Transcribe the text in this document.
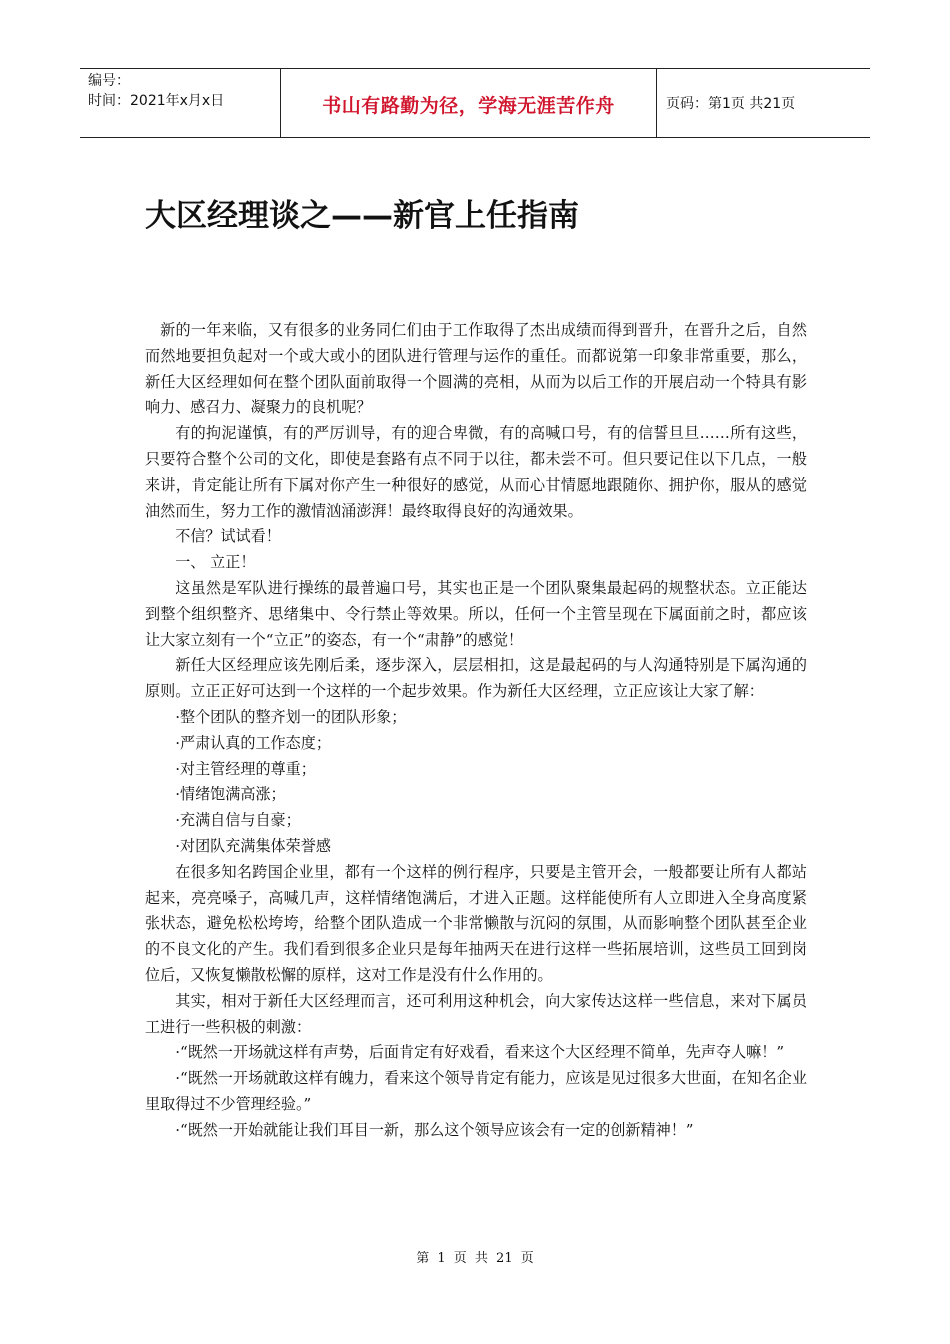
编号：
时间：2021年x月x日	书山有路勤为径，学海无涯苦作舟	页码：第1页 共21页
大区经理谈之——新官上任指南

新的一年来临，又有很多的业务同仁们由于工作取得了杰出成绩而得到晋升，在晋升之后，自然而然地要担负起对一个或大或小的团队进行管理与运作的重任。而都说第一印象非常重要，那么，新任大区经理如何在整个团队面前取得一个圆满的亮相，从而为以后工作的开展启动一个特具有影响力、感召力、凝聚力的良机呢？

有的拘泥谨慎，有的严厉训导，有的迎合卑微，有的高喊口号，有的信誓旦旦……所有这些，只要符合整个公司的文化，即使是套路有点不同于以往，都未尝不可。但只要记住以下几点，一般来讲，肯定能让所有下属对你产生一种很好的感觉，从而心甘情愿地跟随你、拥护你，服从的感觉油然而生，努力工作的激情汹涌澎湃！最终取得良好的沟通效果。

不信？试试看！

一、 立正！

这虽然是军队进行操练的最普遍口号，其实也正是一个团队聚集最起码的规整状态。立正能达到整个组织整齐、思绪集中、令行禁止等效果。所以，任何一个主管呈现在下属面前之时，都应该让大家立刻有一个“立正”的姿态，有一个“肃静”的感觉！

新任大区经理应该先刚后柔，逐步深入，层层相扣，这是最起码的与人沟通特别是下属沟通的原则。立正正好可达到一个这样的一个起步效果。作为新任大区经理，立正应该让大家了解：

·整个团队的整齐划一的团队形象；

·严肃认真的工作态度；

·对主管经理的尊重；

·情绪饱满高涨；

·充满自信与自豪；

·对团队充满集体荣誉感

在很多知名跨国企业里，都有一个这样的例行程序，只要是主管开会，一般都要让所有人都站起来，亮亮嗓子，高喊几声，这样情绪饱满后，才进入正题。这样能使所有人立即进入全身高度紧张状态，避免松松垮垮，给整个团队造成一个非常懒散与沉闷的氛围，从而影响整个团队甚至企业的不良文化的产生。我们看到很多企业只是每年抽两天在进行这样一些拓展培训，这些员工回到岗位后，又恢复懒散松懈的原样，这对工作是没有什么作用的。

其实，相对于新任大区经理而言，还可利用这种机会，向大家传达这样一些信息，来对下属员工进行一些积极的刺激：

·“既然一开场就这样有声势，后面肯定有好戏看，看来这个大区经理不简单，先声夺人嘛！”

·“既然一开场就敢这样有魄力，看来这个领导肯定有能力，应该是见过很多大世面，在知名企业里取得过不少管理经验。”

·“既然一开始就能让我们耳目一新，那么这个领导应该会有一定的创新精神！”

第 1 页 共 21 页
